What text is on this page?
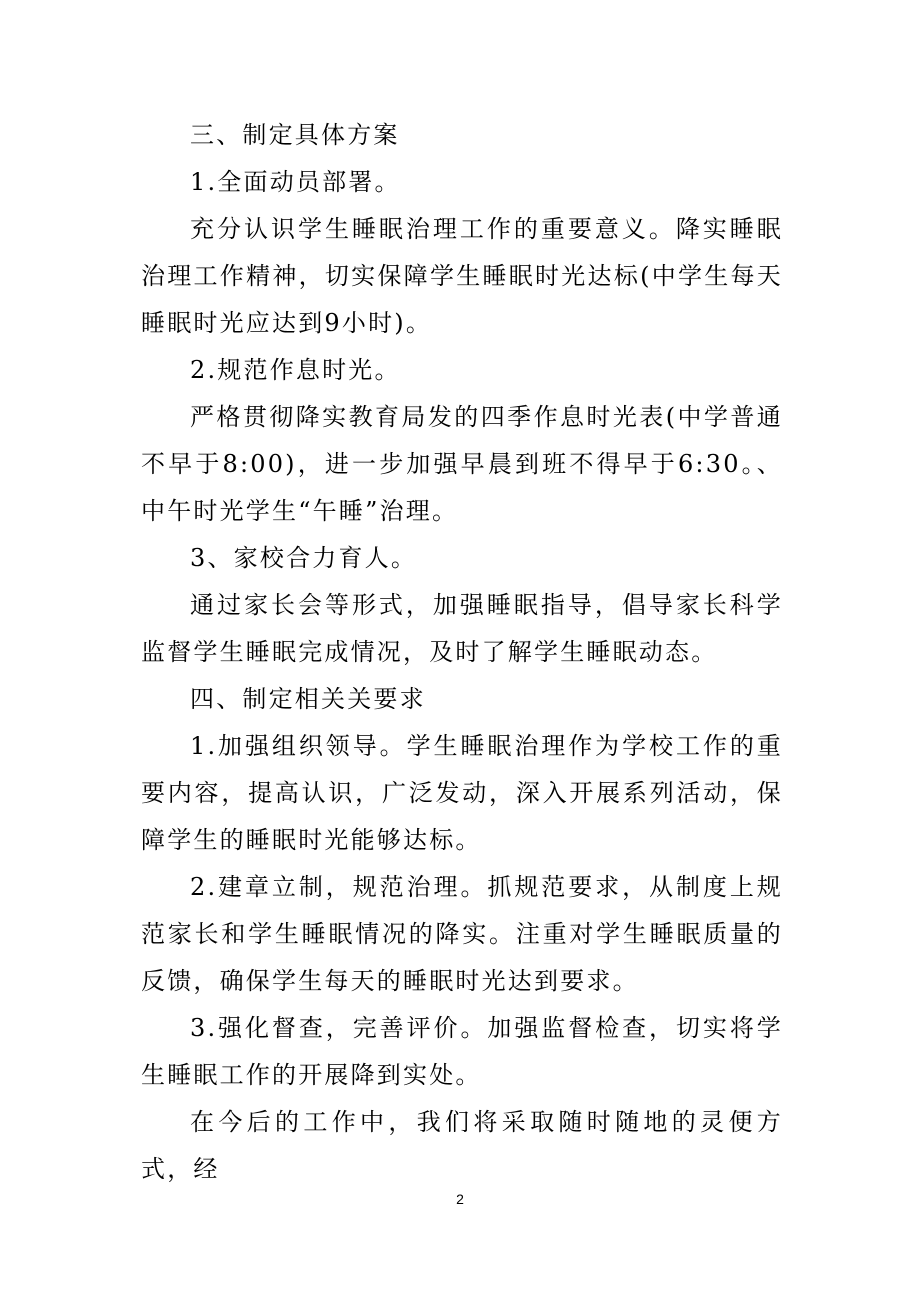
三、制定具体方案

1.全面动员部署。

充分认识学生睡眠治理工作的重要意义。降实睡眠治理工作精神，切实保障学生睡眠时光达标(中学生每天睡眠时光应达到9小时)。

2.规范作息时光。

严格贯彻降实教育局发的四季作息时光表(中学普通不早于8:00)，进一步加强早晨到班不得早于6:30。、中午时光学生“午睡”治理。

3、家校合力育人。

通过家长会等形式，加强睡眠指导，倡导家长科学监督学生睡眠完成情况，及时了解学生睡眠动态。

四、制定相关关要求

1.加强组织领导。学生睡眠治理作为学校工作的重要内容，提高认识，广泛发动，深入开展系列活动，保障学生的睡眠时光能够达标。

2.建章立制，规范治理。抓规范要求，从制度上规范家长和学生睡眠情况的降实。注重对学生睡眠质量的反馈，确保学生每天的睡眠时光达到要求。

3.强化督查，完善评价。加强监督检查，切实将学生睡眠工作的开展降到实处。

在今后的工作中，我们将采取随时随地的灵便方式，经

2
